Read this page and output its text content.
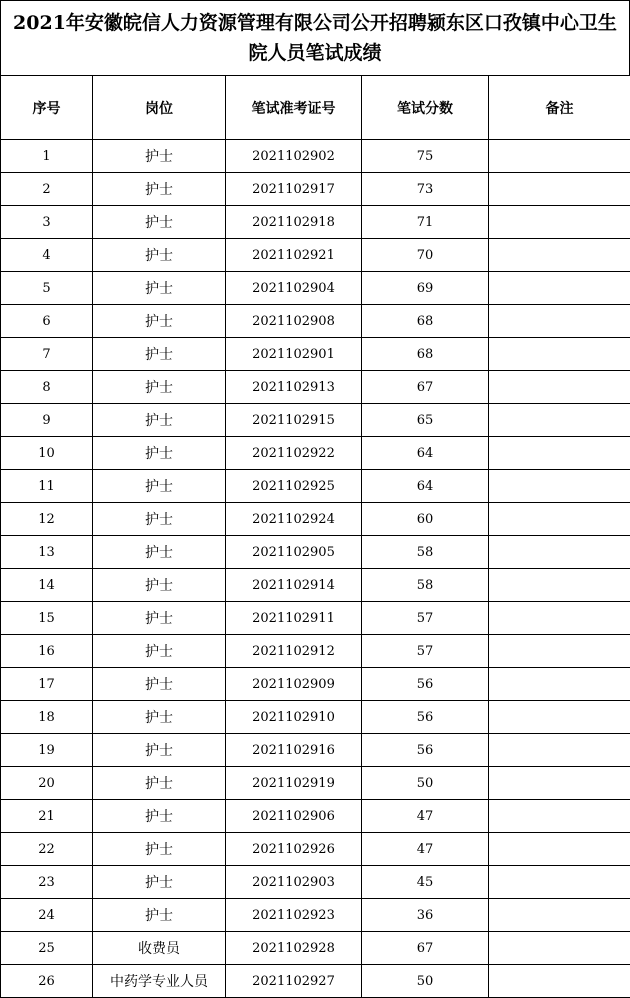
2021年安徽皖信人力资源管理有限公司公开招聘颍东区口孜镇中心卫生院人员笔试成绩
序号	岗位	笔试准考证号	笔试分数	备注
1	护士	2021102902	75	
2	护士	2021102917	73	
3	护士	2021102918	71	
4	护士	2021102921	70	
5	护士	2021102904	69	
6	护士	2021102908	68	
7	护士	2021102901	68	
8	护士	2021102913	67	
9	护士	2021102915	65	
10	护士	2021102922	64	
11	护士	2021102925	64	
12	护士	2021102924	60	
13	护士	2021102905	58	
14	护士	2021102914	58	
15	护士	2021102911	57	
16	护士	2021102912	57	
17	护士	2021102909	56	
18	护士	2021102910	56	
19	护士	2021102916	56	
20	护士	2021102919	50	
21	护士	2021102906	47	
22	护士	2021102926	47	
23	护士	2021102903	45	
24	护士	2021102923	36	
25	收费员	2021102928	67	
26	中药学专业人员	2021102927	50	
